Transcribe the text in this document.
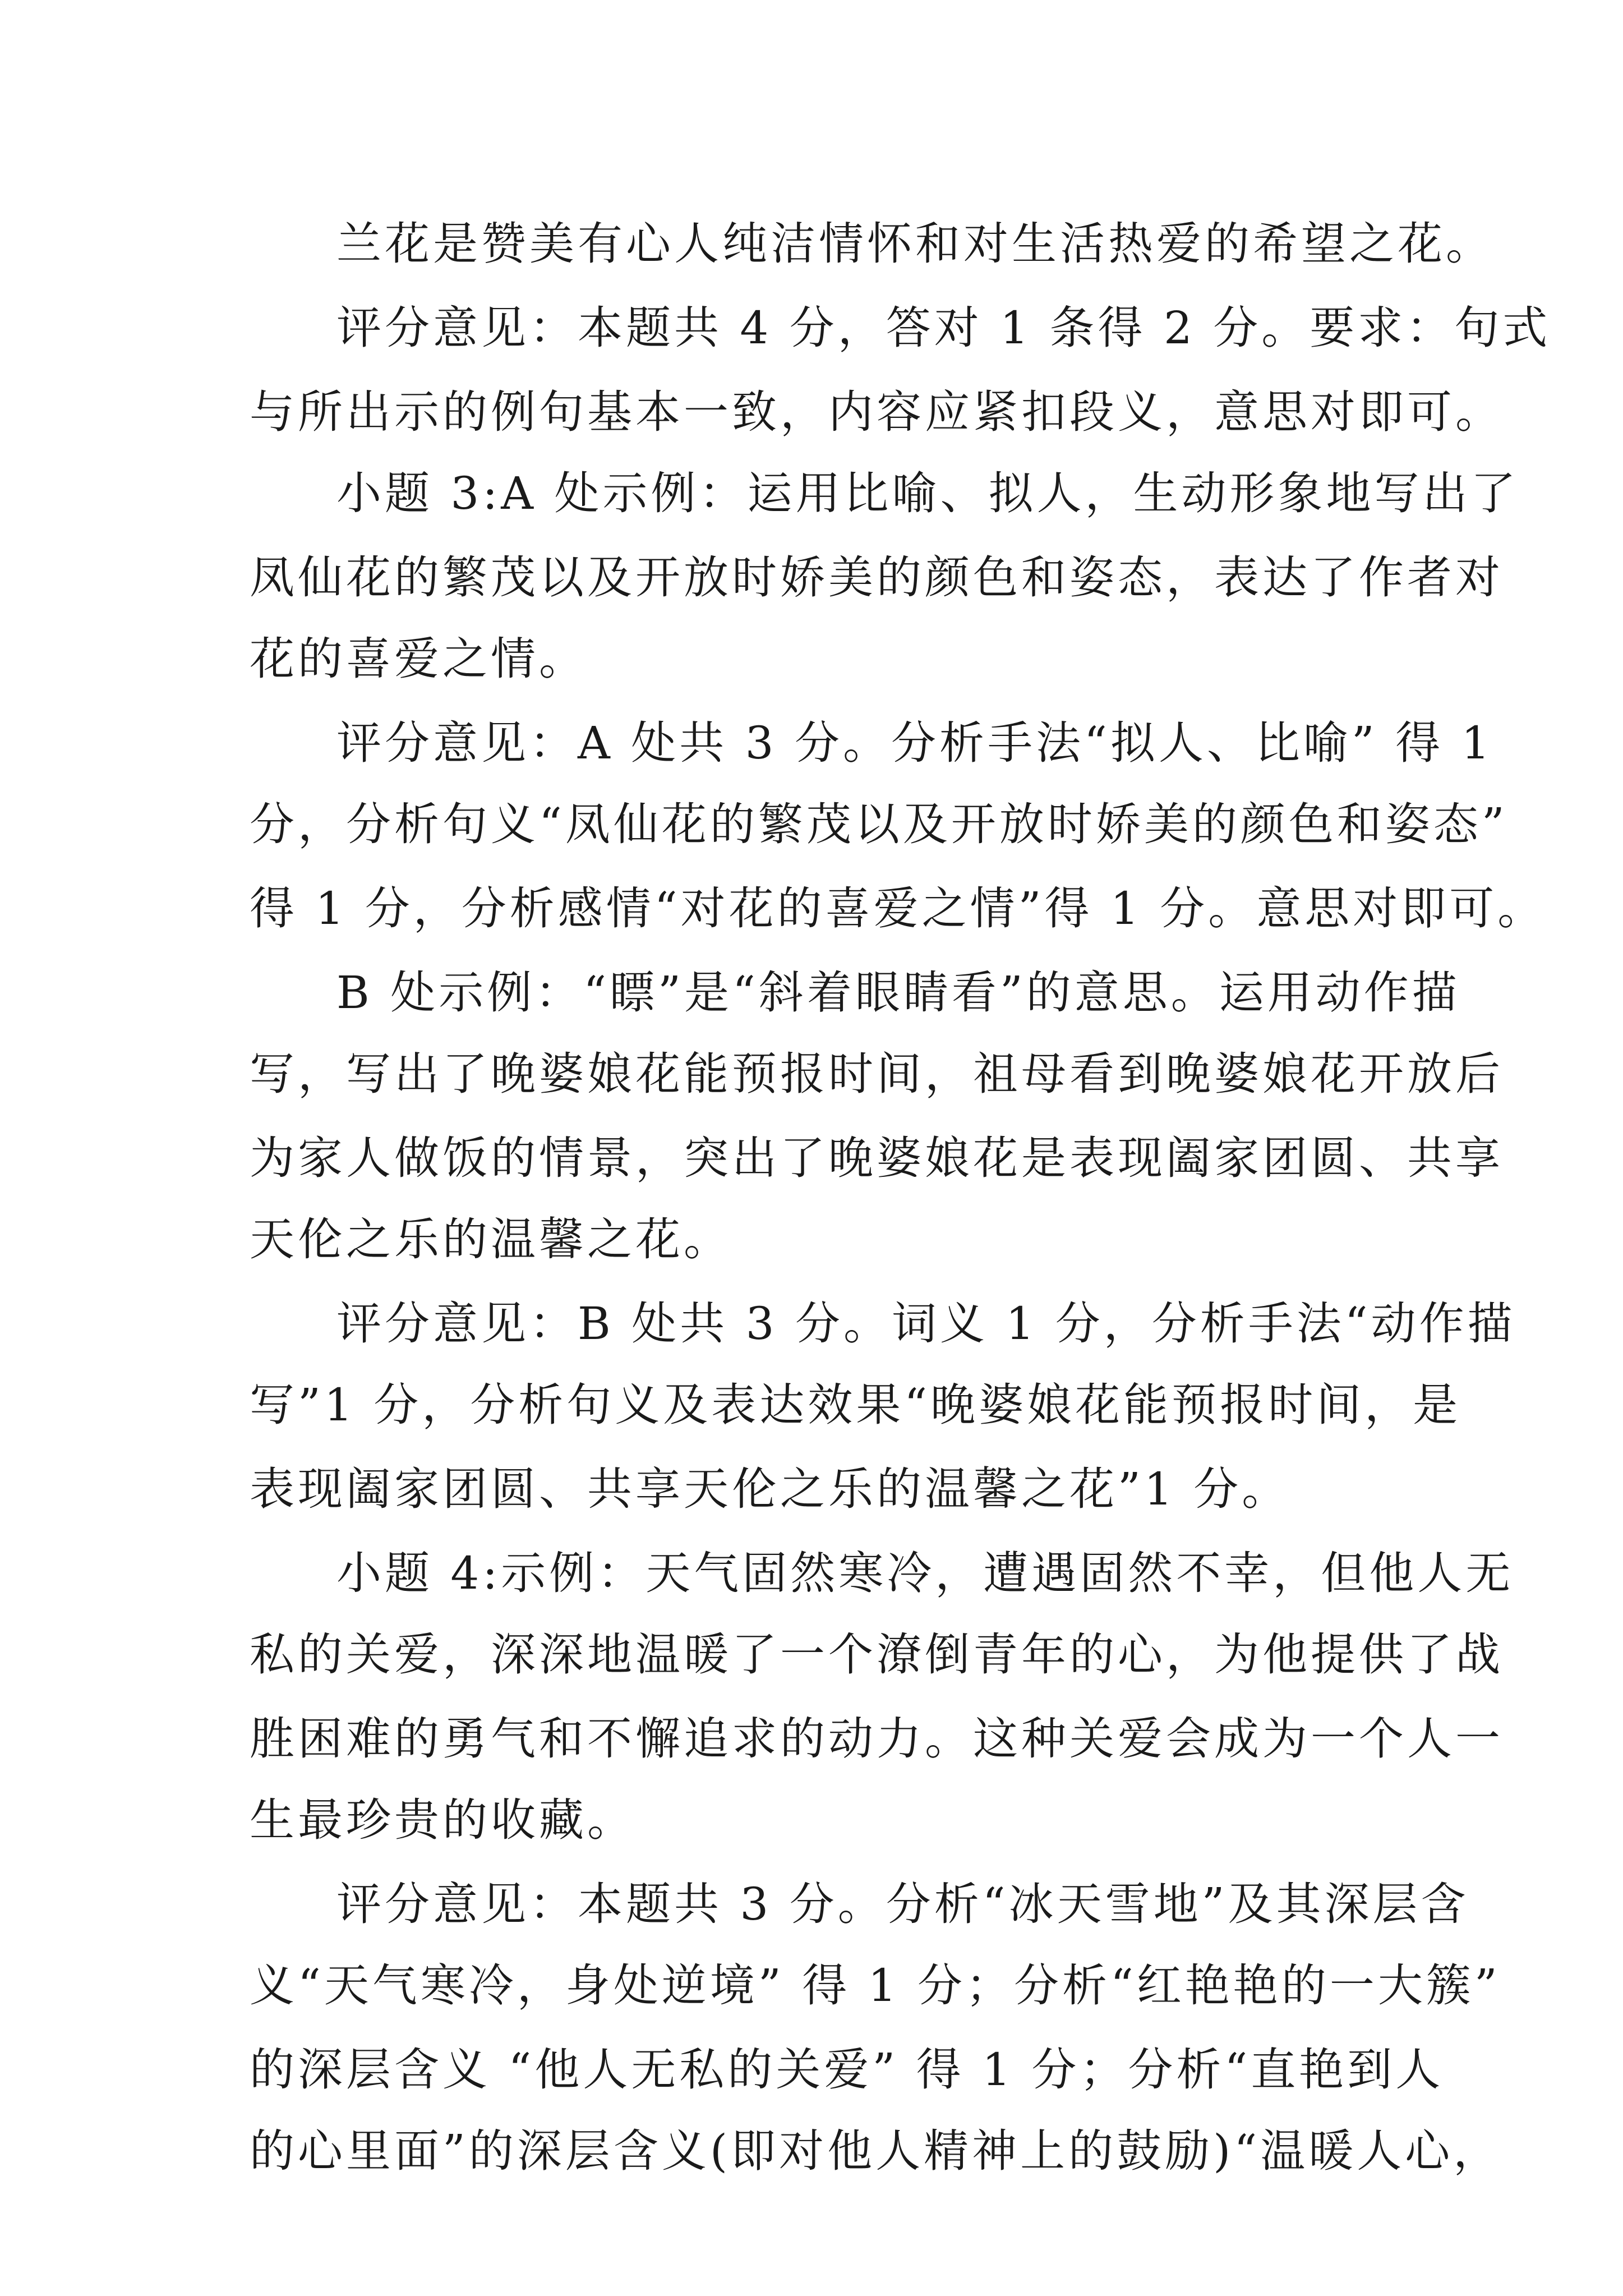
兰花是赞美有心人纯洁情怀和对生活热爱的希望之花。
评分意见：本题共 4 分，答对 1 条得 2 分。要求：句式
与所出示的例句基本一致，内容应紧扣段义，意思对即可。
小题 3:A 处示例：运用比喻、拟人，生动形象地写出了
凤仙花的繁茂以及开放时娇美的颜色和姿态，表达了作者对
花的喜爱之情。
评分意见：A 处共 3 分。分析手法“拟人、比喻” 得 1
分，分析句义“凤仙花的繁茂以及开放时娇美的颜色和姿态”
得 1 分，分析感情“对花的喜爱之情”得 1 分。意思对即可。
B 处示例：“瞟”是“斜着眼睛看”的意思。运用动作描
写，写出了晚婆娘花能预报时间，祖母看到晚婆娘花开放后
为家人做饭的情景，突出了晚婆娘花是表现阖家团圆、共享
天伦之乐的温馨之花。
评分意见：B 处共 3 分。词义 1 分，分析手法“动作描
写”1 分，分析句义及表达效果“晚婆娘花能预报时间，是
表现阖家团圆、共享天伦之乐的温馨之花”1 分。
小题 4:示例：天气固然寒冷，遭遇固然不幸，但他人无
私的关爱，深深地温暖了一个潦倒青年的心，为他提供了战
胜困难的勇气和不懈追求的动力。这种关爱会成为一个人一
生最珍贵的收藏。
评分意见：本题共 3 分。分析“冰天雪地”及其深层含
义“天气寒冷，身处逆境” 得 1 分；分析“红艳艳的一大簇”
的深层含义 “他人无私的关爱” 得 1 分；分析“直艳到人
的心里面”的深层含义(即对他人精神上的鼓励)“温暖人心，
